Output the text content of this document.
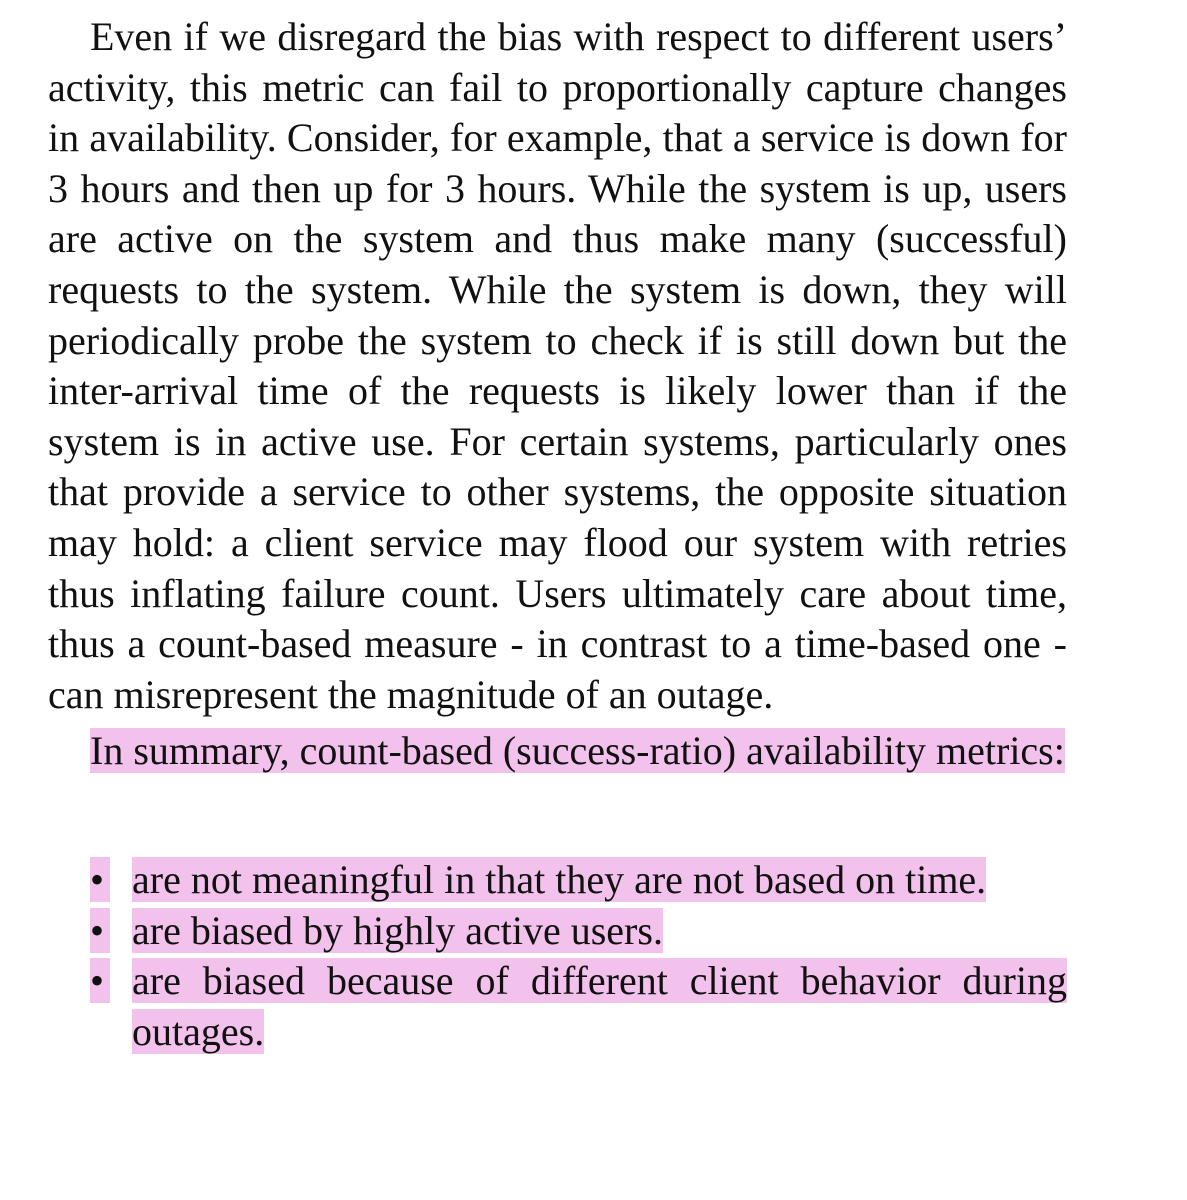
Even if we disregard the bias with respect to different users’ activity, this metric can fail to proportionally capture changes in availability. Consider, for example, that a service is down for 3 hours and then up for 3 hours. While the system is up, users are active on the system and thus make many (successful) requests to the system. While the system is down, they will periodically probe the system to check if is still down but the inter-arrival time of the requests is likely lower than if the system is in active use. For certain systems, particularly ones that provide a service to other systems, the opposite situation may hold: a client service may flood our system with retries thus inflating failure count. Users ultimately care about time, thus a count-based measure - in contrast to a time-based one - can misrepresent the magnitude of an outage.

In summary, count-based (success-ratio) availability metrics:

• are not meaningful in that they are not based on time.
• are biased by highly active users.
• are biased because of different client behavior during outages.
